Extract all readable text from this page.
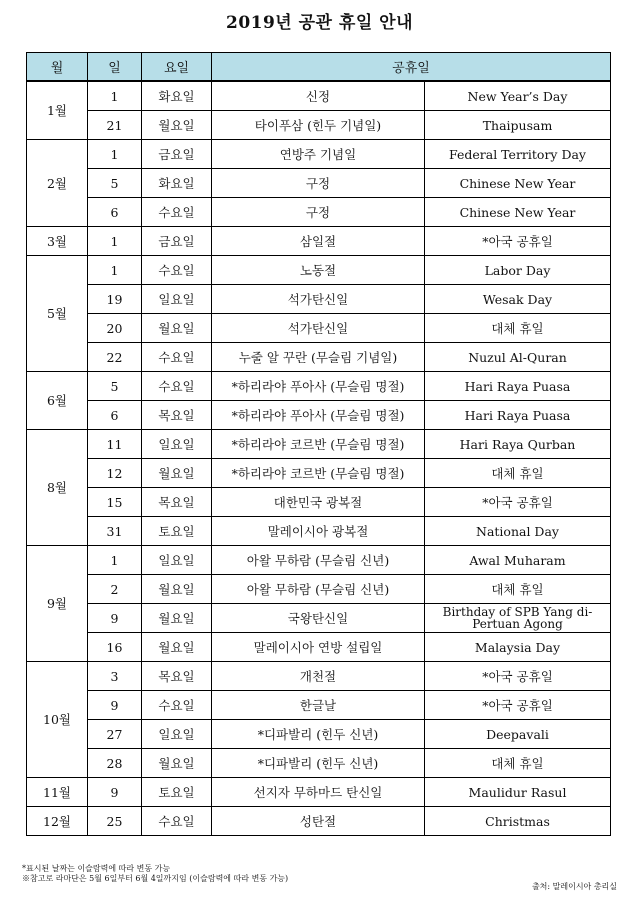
2019년 공관 휴일 안내
월	일	요일	공휴일	
1월	1	화요일	신정	New Year’s Day
	21	월요일	타이푸삼 (힌두 기념일)	Thaipusam
2월	1	금요일	연방주 기념일	Federal Territory Day
	5	화요일	구정	Chinese New Year
	6	수요일	구정	Chinese New Year
3월	1	금요일	삼일절	*아국 공휴일
5월	1	수요일	노동절	Labor Day
	19	일요일	석가탄신일	Wesak Day
	20	월요일	석가탄신일	대체 휴일
	22	수요일	누줄 알 꾸란 (무슬림 기념일)	Nuzul Al-Quran
6월	5	수요일	*하리라야 푸아사 (무슬림 명절)	Hari Raya Puasa
	6	목요일	*하리라야 푸아사 (무슬림 명절)	Hari Raya Puasa
8월	11	일요일	*하리라야 코르반 (무슬림 명절)	Hari Raya Qurban
	12	월요일	*하리라야 코르반 (무슬림 명절)	대체 휴일
	15	목요일	대한민국 광복절	*아국 공휴일
	31	토요일	말레이시아 광복절	National Day
9월	1	일요일	아왈 무하람 (무슬림 신년)	Awal Muharam
	2	월요일	아왈 무하람 (무슬림 신년)	대체 휴일
	9	월요일	국왕탄신일	Birthday of SPB Yang di-Pertuan Agong
	16	월요일	말레이시아 연방 설립일	Malaysia Day
10월	3	목요일	개천절	*아국 공휴일
	9	수요일	한글날	*아국 공휴일
	27	일요일	*디파발리 (힌두 신년)	Deepavali
	28	월요일	*디파발리 (힌두 신년)	대체 휴일
11월	9	토요일	선지자 무하마드 탄신일	Maulidur Rasul
12월	25	수요일	성탄절	Christmas
*표시된 날짜는 이슬람력에 따라 변동 가능
※참고로 라마단은 5월 6일부터 6월 4일까지임 (이슬람력에 따라 변동 가능)
출처: 말레이시아 총리실
